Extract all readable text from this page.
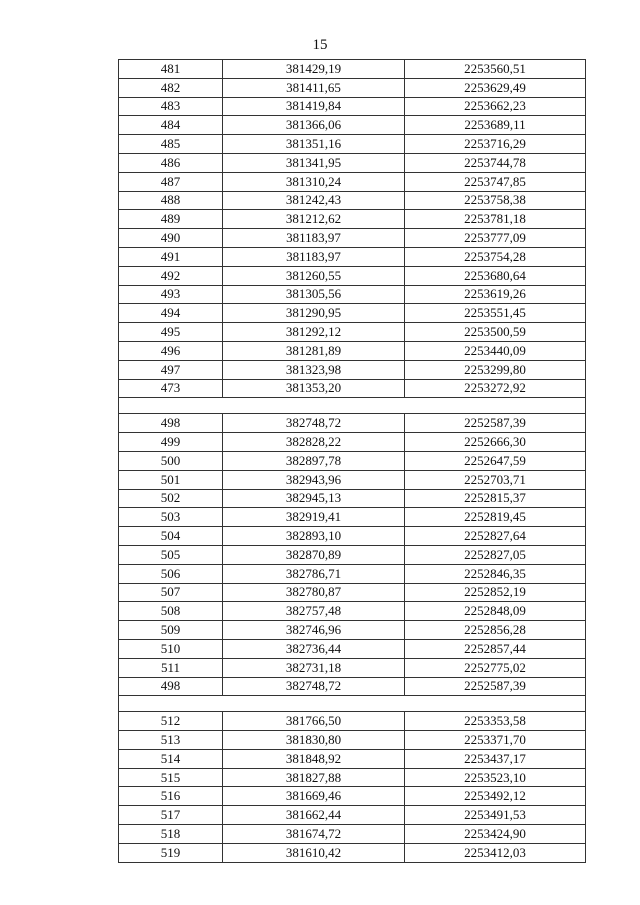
15
481	381429,19	2253560,51
482	381411,65	2253629,49
483	381419,84	2253662,23
484	381366,06	2253689,11
485	381351,16	2253716,29
486	381341,95	2253744,78
487	381310,24	2253747,85
488	381242,43	2253758,38
489	381212,62	2253781,18
490	381183,97	2253777,09
491	381183,97	2253754,28
492	381260,55	2253680,64
493	381305,56	2253619,26
494	381290,95	2253551,45
495	381292,12	2253500,59
496	381281,89	2253440,09
497	381323,98	2253299,80
473	381353,20	2253272,92

498	382748,72	2252587,39
499	382828,22	2252666,30
500	382897,78	2252647,59
501	382943,96	2252703,71
502	382945,13	2252815,37
503	382919,41	2252819,45
504	382893,10	2252827,64
505	382870,89	2252827,05
506	382786,71	2252846,35
507	382780,87	2252852,19
508	382757,48	2252848,09
509	382746,96	2252856,28
510	382736,44	2252857,44
511	382731,18	2252775,02
498	382748,72	2252587,39

512	381766,50	2253353,58
513	381830,80	2253371,70
514	381848,92	2253437,17
515	381827,88	2253523,10
516	381669,46	2253492,12
517	381662,44	2253491,53
518	381674,72	2253424,90
519	381610,42	2253412,03
